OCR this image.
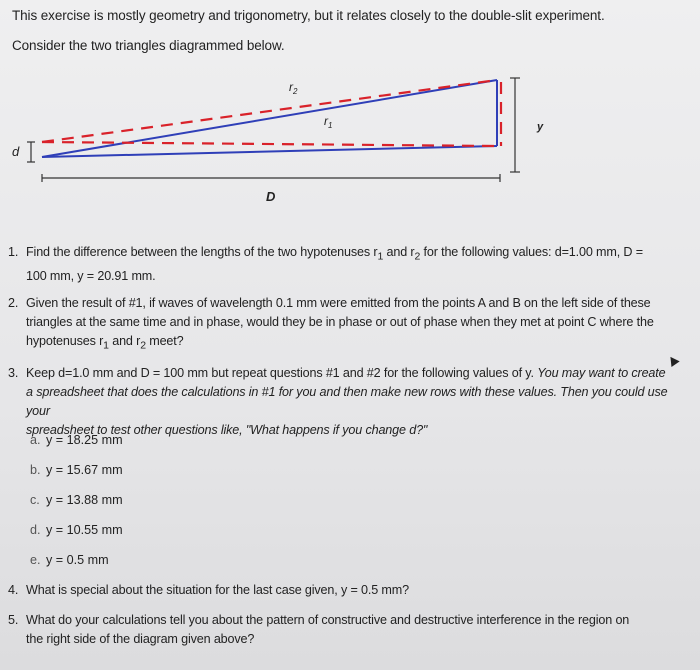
This exercise is mostly geometry and trigonometry, but it relates closely to the double-slit experiment.
Consider the two triangles diagrammed below.
$r_2$
$r_1$
d
y
D
1. Find the difference between the lengths of the two hypotenuses $r_1$ and $r_2$ for the following values: d=1.00 mm, D =
100 mm, y = 20.91 mm.
2. Given the result of #1, if waves of wavelength 0.1 mm were emitted from the points A and B on the left side of these
triangles at the same time and in phase, would they be in phase or out of phase when they met at point C where the
hypotenuses $r_1$ and $r_2$ meet?
3. Keep d=1.0 mm and D = 100 mm but repeat questions #1 and #2 for the following values of y. You may want to create
a spreadsheet that does the calculations in #1 for you and then make new rows with these values. Then you could use your
spreadsheet to test other questions like, "What happens if you change d?"
a. y = 18.25 mm
b. y = 15.67 mm
c. y = 13.88 mm
d. y = 10.55 mm
e. y = 0.5 mm
4. What is special about the situation for the last case given, y = 0.5 mm?
5. What do your calculations tell you about the pattern of constructive and destructive interference in the region on
the right side of the diagram given above?
